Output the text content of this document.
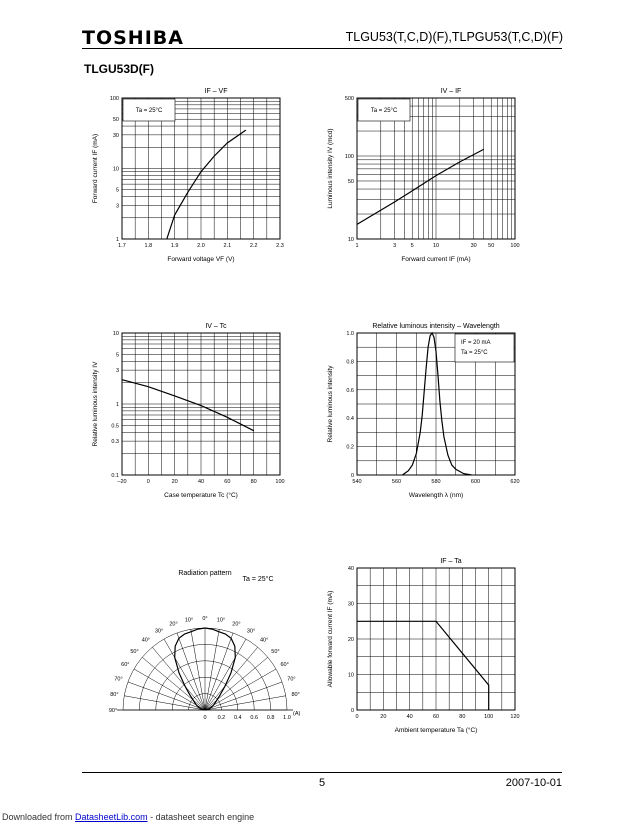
TOSHIBA	TLGU53(T,C,D)(F),TLPGU53(T,C,D)(F)
TLGU53D(F)
1.7	1.8	1.9	2.0	2.1	2.2	2.3
1
3
5
10
30
50
100
IF – VF
Forward voltage VF (V)
Forward current IF (mA)
Ta = 25°C
1	3	5	10	30 50	100
10
50
100
500
IV – IF
Forward current IF (mA)
Luminous intensity IV (mcd)
Ta = 25°C
–20	0	20	40	60	80	100
0.1
0.3
0.5
1
3
5
10
IV – Tc
Case temperature Tc (°C)
Relative luminous intensity IV
540	560	580	600	620
0
0.2
0.4
0.6
0.8
1.0
Relative luminous intensity – Wavelength
Wavelength λ (nm)
Relative luminous intensity
IF = 20 mA
Ta = 25°C
Radiation pattern
Ta = 25°C
10°
20°
30°
40°
50°
60°
70°
80°
90°
0° 10°
20°
30°
40°
50°
60°
70°
80°
0 0.2 0.4 0.6 0.8 1.0
(A)	0	20	40	60	80	100	120
0
10
20
30
40
IF – Ta
Ambient temperature Ta (°C)
Allowable forward current IF (mA)
5	2007-10-01
Downloaded from DatasheetLib.com - datasheet search engine
